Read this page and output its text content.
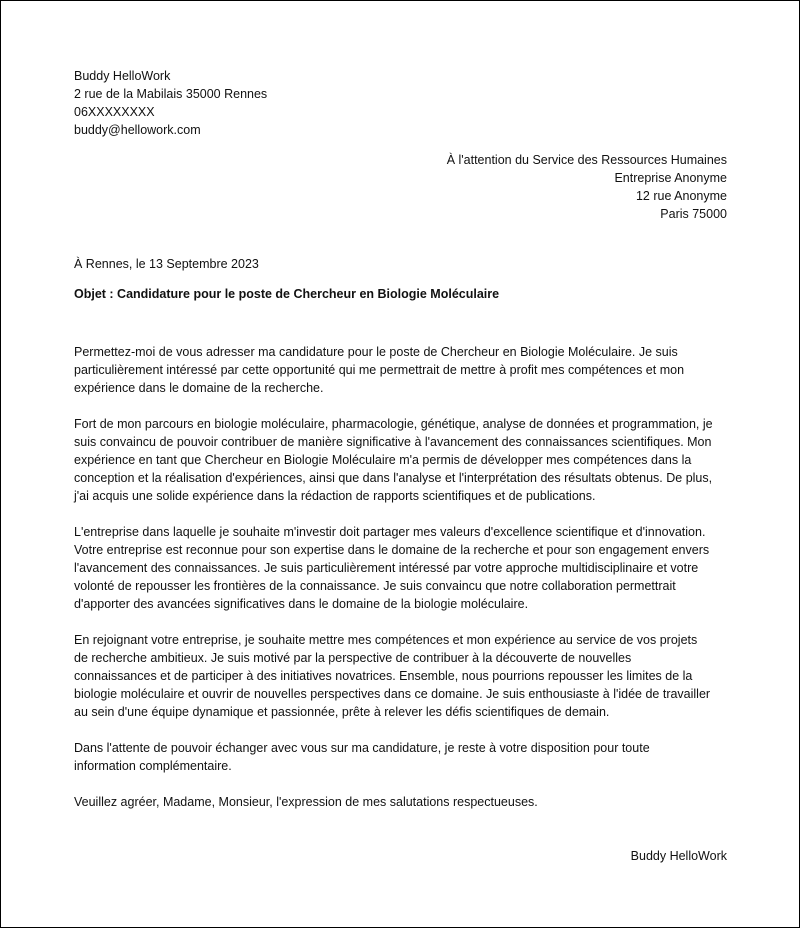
Buddy HelloWork
2 rue de la Mabilais 35000 Rennes
06XXXXXXXX
buddy@hellowork.com
À l'attention du Service des Ressources Humaines
Entreprise Anonyme
12 rue Anonyme
Paris 75000
À Rennes, le 13 Septembre 2023
Objet : Candidature pour le poste de Chercheur en Biologie Moléculaire

Permettez-moi de vous adresser ma candidature pour le poste de Chercheur en Biologie Moléculaire. Je suis
particulièrement intéressé par cette opportunité qui me permettrait de mettre à profit mes compétences et mon
expérience dans le domaine de la recherche.

Fort de mon parcours en biologie moléculaire, pharmacologie, génétique, analyse de données et programmation, je
suis convaincu de pouvoir contribuer de manière significative à l'avancement des connaissances scientifiques. Mon
expérience en tant que Chercheur en Biologie Moléculaire m'a permis de développer mes compétences dans la
conception et la réalisation d'expériences, ainsi que dans l'analyse et l'interprétation des résultats obtenus. De plus,
j'ai acquis une solide expérience dans la rédaction de rapports scientifiques et de publications.

L'entreprise dans laquelle je souhaite m'investir doit partager mes valeurs d'excellence scientifique et d'innovation.
Votre entreprise est reconnue pour son expertise dans le domaine de la recherche et pour son engagement envers
l'avancement des connaissances. Je suis particulièrement intéressé par votre approche multidisciplinaire et votre
volonté de repousser les frontières de la connaissance. Je suis convaincu que notre collaboration permettrait
d'apporter des avancées significatives dans le domaine de la biologie moléculaire.

En rejoignant votre entreprise, je souhaite mettre mes compétences et mon expérience au service de vos projets
de recherche ambitieux. Je suis motivé par la perspective de contribuer à la découverte de nouvelles
connaissances et de participer à des initiatives novatrices. Ensemble, nous pourrions repousser les limites de la
biologie moléculaire et ouvrir de nouvelles perspectives dans ce domaine. Je suis enthousiaste à l'idée de travailler
au sein d'une équipe dynamique et passionnée, prête à relever les défis scientifiques de demain.

Dans l'attente de pouvoir échanger avec vous sur ma candidature, je reste à votre disposition pour toute
information complémentaire.

Veuillez agréer, Madame, Monsieur, l'expression de mes salutations respectueuses.
Buddy HelloWork
